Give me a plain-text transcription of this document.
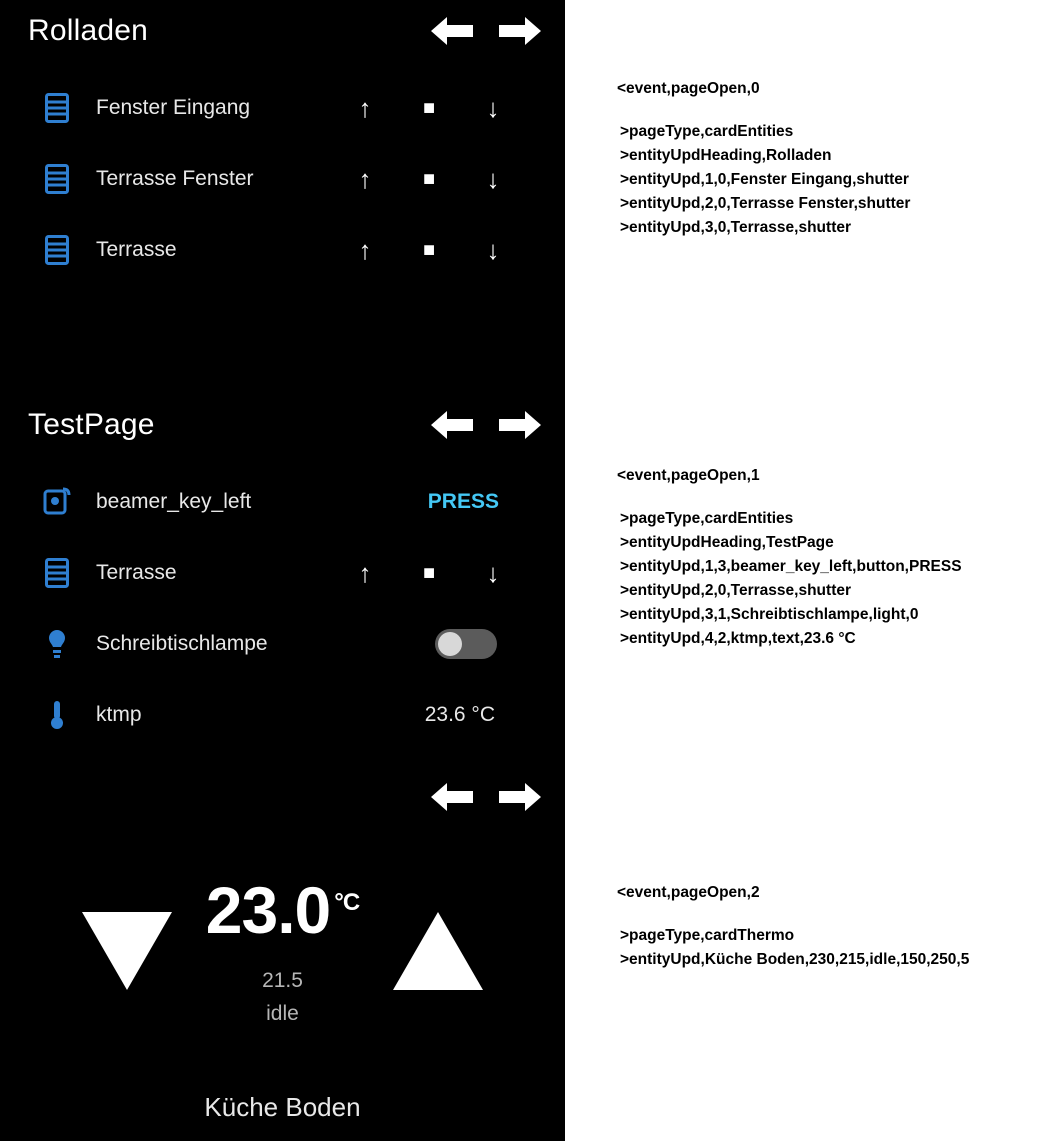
Rolladen
Fenster Eingang	↑	■	↓
Terrasse Fenster	↑	■	↓
Terrasse	↑	■	↓
TestPage
beamer_key_left	PRESS
Terrasse	↑	■	↓
Schreibtischlampe
ktmp	23.6 °C
23.0 $^{^\circ C}$
21.5
idle
Küche Boden
<event,pageOpen,0
>pageType,cardEntities
>entityUpdHeading,Rolladen
>entityUpd,1,0,Fenster Eingang,shutter
>entityUpd,2,0,Terrasse Fenster,shutter
>entityUpd,3,0,Terrasse,shutter
<event,pageOpen,1
>pageType,cardEntities
>entityUpdHeading,TestPage
>entityUpd,1,3,beamer_key_left,button,PRESS
>entityUpd,2,0,Terrasse,shutter
>entityUpd,3,1,Schreibtischlampe,light,0
>entityUpd,4,2,ktmp,text,23.6 °C
<event,pageOpen,2
>pageType,cardThermo
>entityUpd,Küche Boden,230,215,idle,150,250,5
